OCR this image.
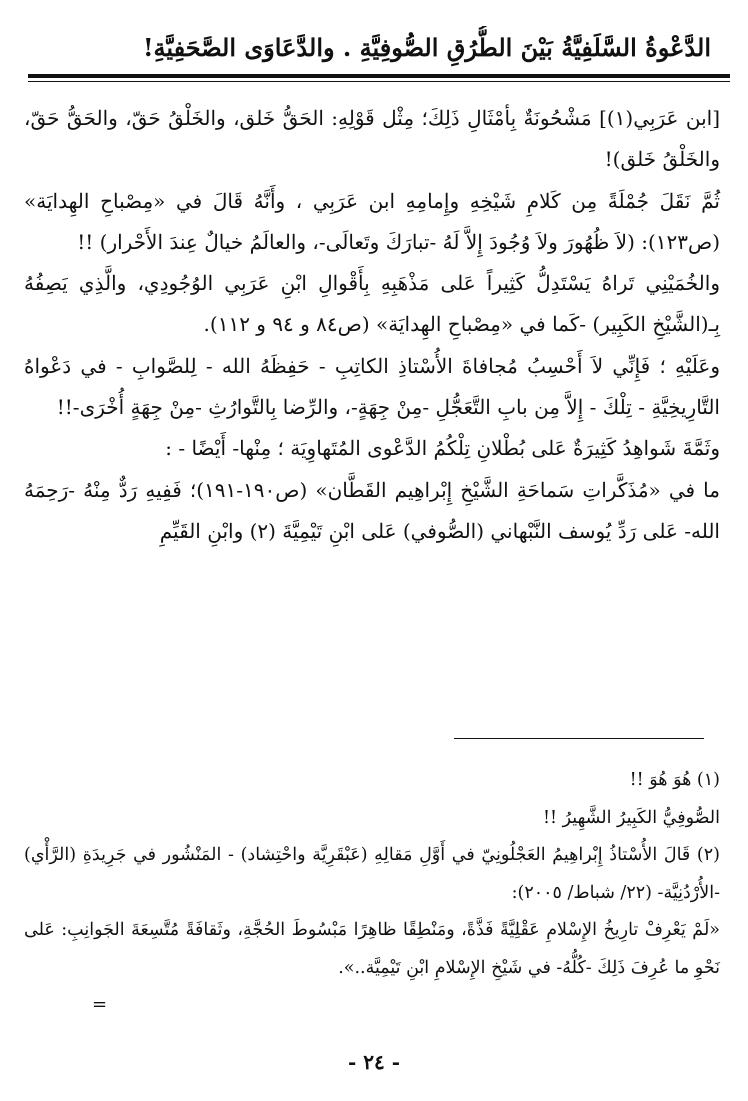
الدَّعْوةُ السَّلَفِيَّةُ بَيْنَ الطُّرُقِ الصُّوفِيَّةِ . والدَّعَاوَى الصَّحَفِيَّةِ!

[ابن عَرَبِي(١)] مَشْحُونَةٌ بِأمْثَالِ ذَلِكَ؛ مِثْل قَوْلِهِ: الحَقُّ خَلق، والخَلْقُ حَقّ، والحَقُّ حَقّ، والخَلْقُ خَلق)!

ثُمَّ نَقَلَ جُمْلَةً مِن كَلامِ شَيْخِهِ وإِمامِهِ ابن عَرَبِي ، وأَنَّهُ قَالَ في «مِصْباحِ الهِدايَة» (ص١٢٣): (لاَ ظُهُورَ ولاَ وُجُودَ إِلاَّ لَهُ -تبارَكَ وتَعالَى-، والعالَمُ خيالٌ عِندَ الأَحْرار) !!

والخُمَيْنِي تَراهُ يَسْتَدِلُّ كَثِيراً عَلى مَذْهَبِهِ بِأَقْوالِ ابْنِ عَرَبِي الوُجُودِي، والَّذِي يَصِفُهُ بِـ(الشَّيْخِ الكَبِير) -كَما في «مِصْباحِ الهِدايَة» (ص٨٤ و ٩٤ و ١١٢).

وعَلَيْهِ ؛ فَإِنِّي لاَ أَحْسِبُ مُجافاةَ الأُسْتاذِ الكاتِبِ - حَفِظَهُ الله - لِلصَّوابِ - في دَعْواهُ التَّارِيخِيَّةِ - تِلْكَ - إِلاَّ مِن بابِ التَّعَجُّلِ -مِنْ جِهَةٍ-، والرِّضا بِالتَّوارُثِ -مِنْ جِهَةٍ أُخْرَى-!!

وثَمَّةَ شَواهِدُ كَثِيرَةٌ عَلى بُطْلانِ تِلْكُمُ الدَّعْوى المُتَهاوِيَة ؛ مِنْها- أَيْضًا - :

ما في «مُذَكَّراتِ سَماحَةِ الشَّيْخِ إِبْراهِيم القَطَّان» (ص١٩٠-١٩١)؛ فَفِيهِ رَدٌّ مِنْهُ -رَحِمَهُ الله- عَلى رَدِّ يُوسف النَّبْهاني (الصُّوفي) عَلى ابْنِ تَيْمِيَّةَ (٢) وابْنِ القَيِّمِ

(١) هُوَ هُوَ !!

الصُّوفِيُّ الكَبِيرُ الشَّهِيرُ !!

(٢) قَالَ الأُسْتاذُ إِبْراهِيمُ العَجْلُونِيّ في أَوَّلِ مَقالِهِ (عَبْقَرِيَّة واحْتِشاد) - المَنْشُور في جَرِيدَةِ (الرَّأْي) -الأُرْدُنِيَّة- (٢٢/ شباط/ ٢٠٠٥):

«لَمْ يَعْرِفْ تارِيخُ الإِسْلامِ عَقْلِيَّةً فَذَّةً، ومَنْطِقًا ظاهِرًا مَبْسُوطَ الحُجَّةِ، وثَقافَةً مُتَّسِعَةَ الجَوانِبِ: عَلى نَحْوِ ما عُرِفَ ذَلِكَ -كُلُّهُ- في شَيْخِ الإِسْلامِ ابْنِ تَيْمِيَّة..».

=
- ٢٤ -
